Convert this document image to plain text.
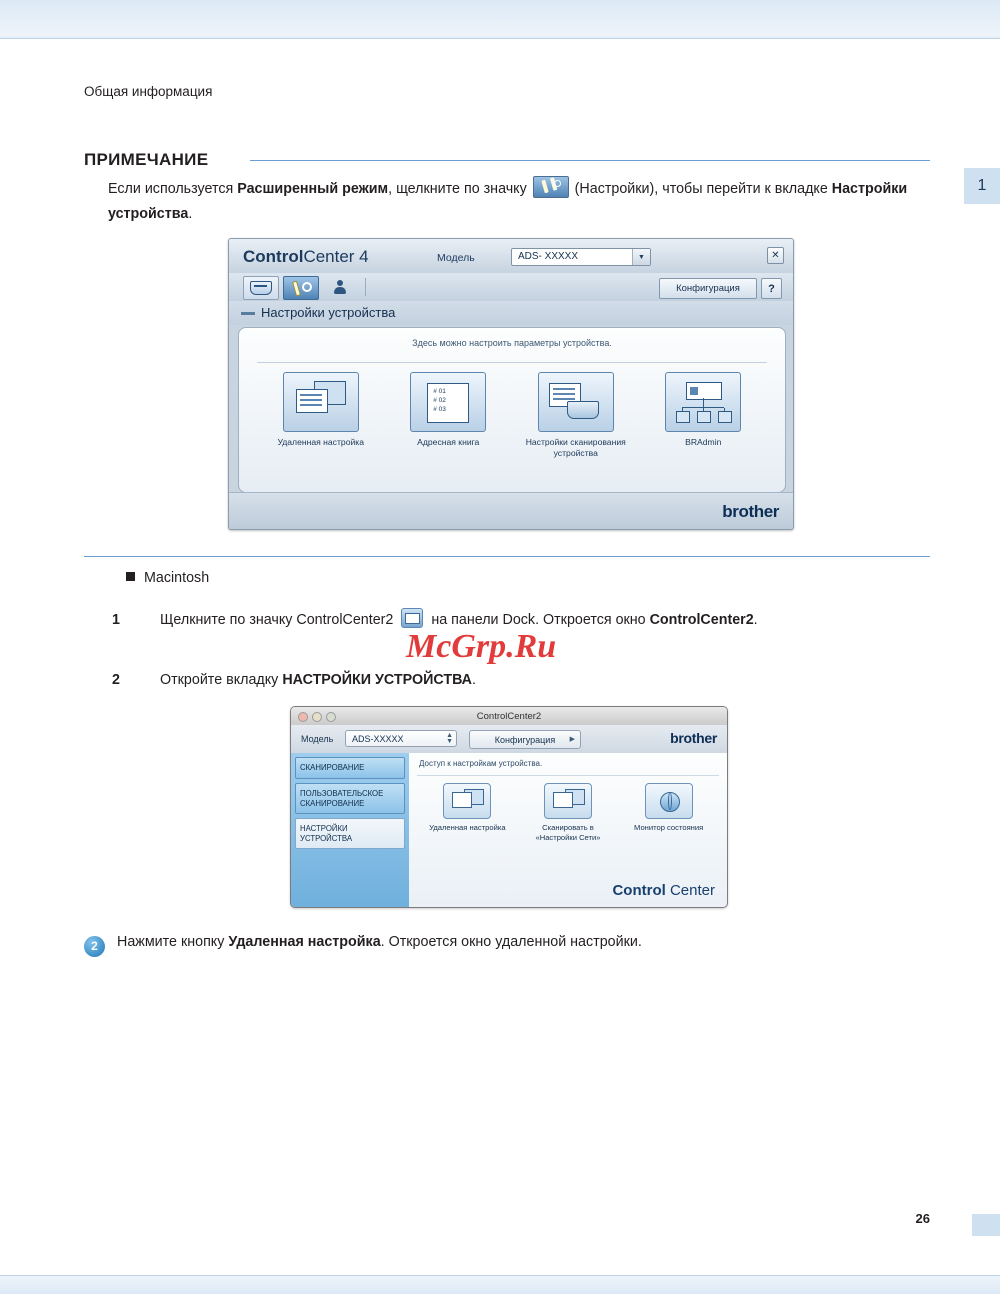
Общая информация
1
ПРИМЕЧАНИЕ
Если используется Расширенный режим, щелкните по значку	(Настройки), чтобы перейти к вкладке Настройки устройства.
ControlCenter 4	Модель	ADS- XXXXX	▼	✕
Конфигурация	?
Настройки устройства
Здесь можно настроить параметры устройства.
Удаленная настройка
# 01
# 02
# 03
Адресная книга	Настройки сканирования устройства
BRAdmin
brother
Macintosh
1	Щелкните по значку ControlCenter2  на панели Dock. Откроется окно ControlCenter2.
McGrp.Ru
2	Откройте вкладку НАСТРОЙКИ УСТРОЙСТВА.
ControlCenter2
Модель	ADS-XXXXX	▲
▼	Конфигурация ▶	brother
СКАНИРОВАНИЕ
ПОЛЬЗОВАТЕЛЬСКОЕ СКАНИРОВАНИЕ
НАСТРОЙКИ УСТРОЙСТВА
Доступ к настройкам устройства.
Удаленная настройка	Сканировать в «Настройки Сети»
Монитор состояния
Control Center
2 Нажмите кнопку Удаленная настройка. Откроется окно удаленной настройки.
26
